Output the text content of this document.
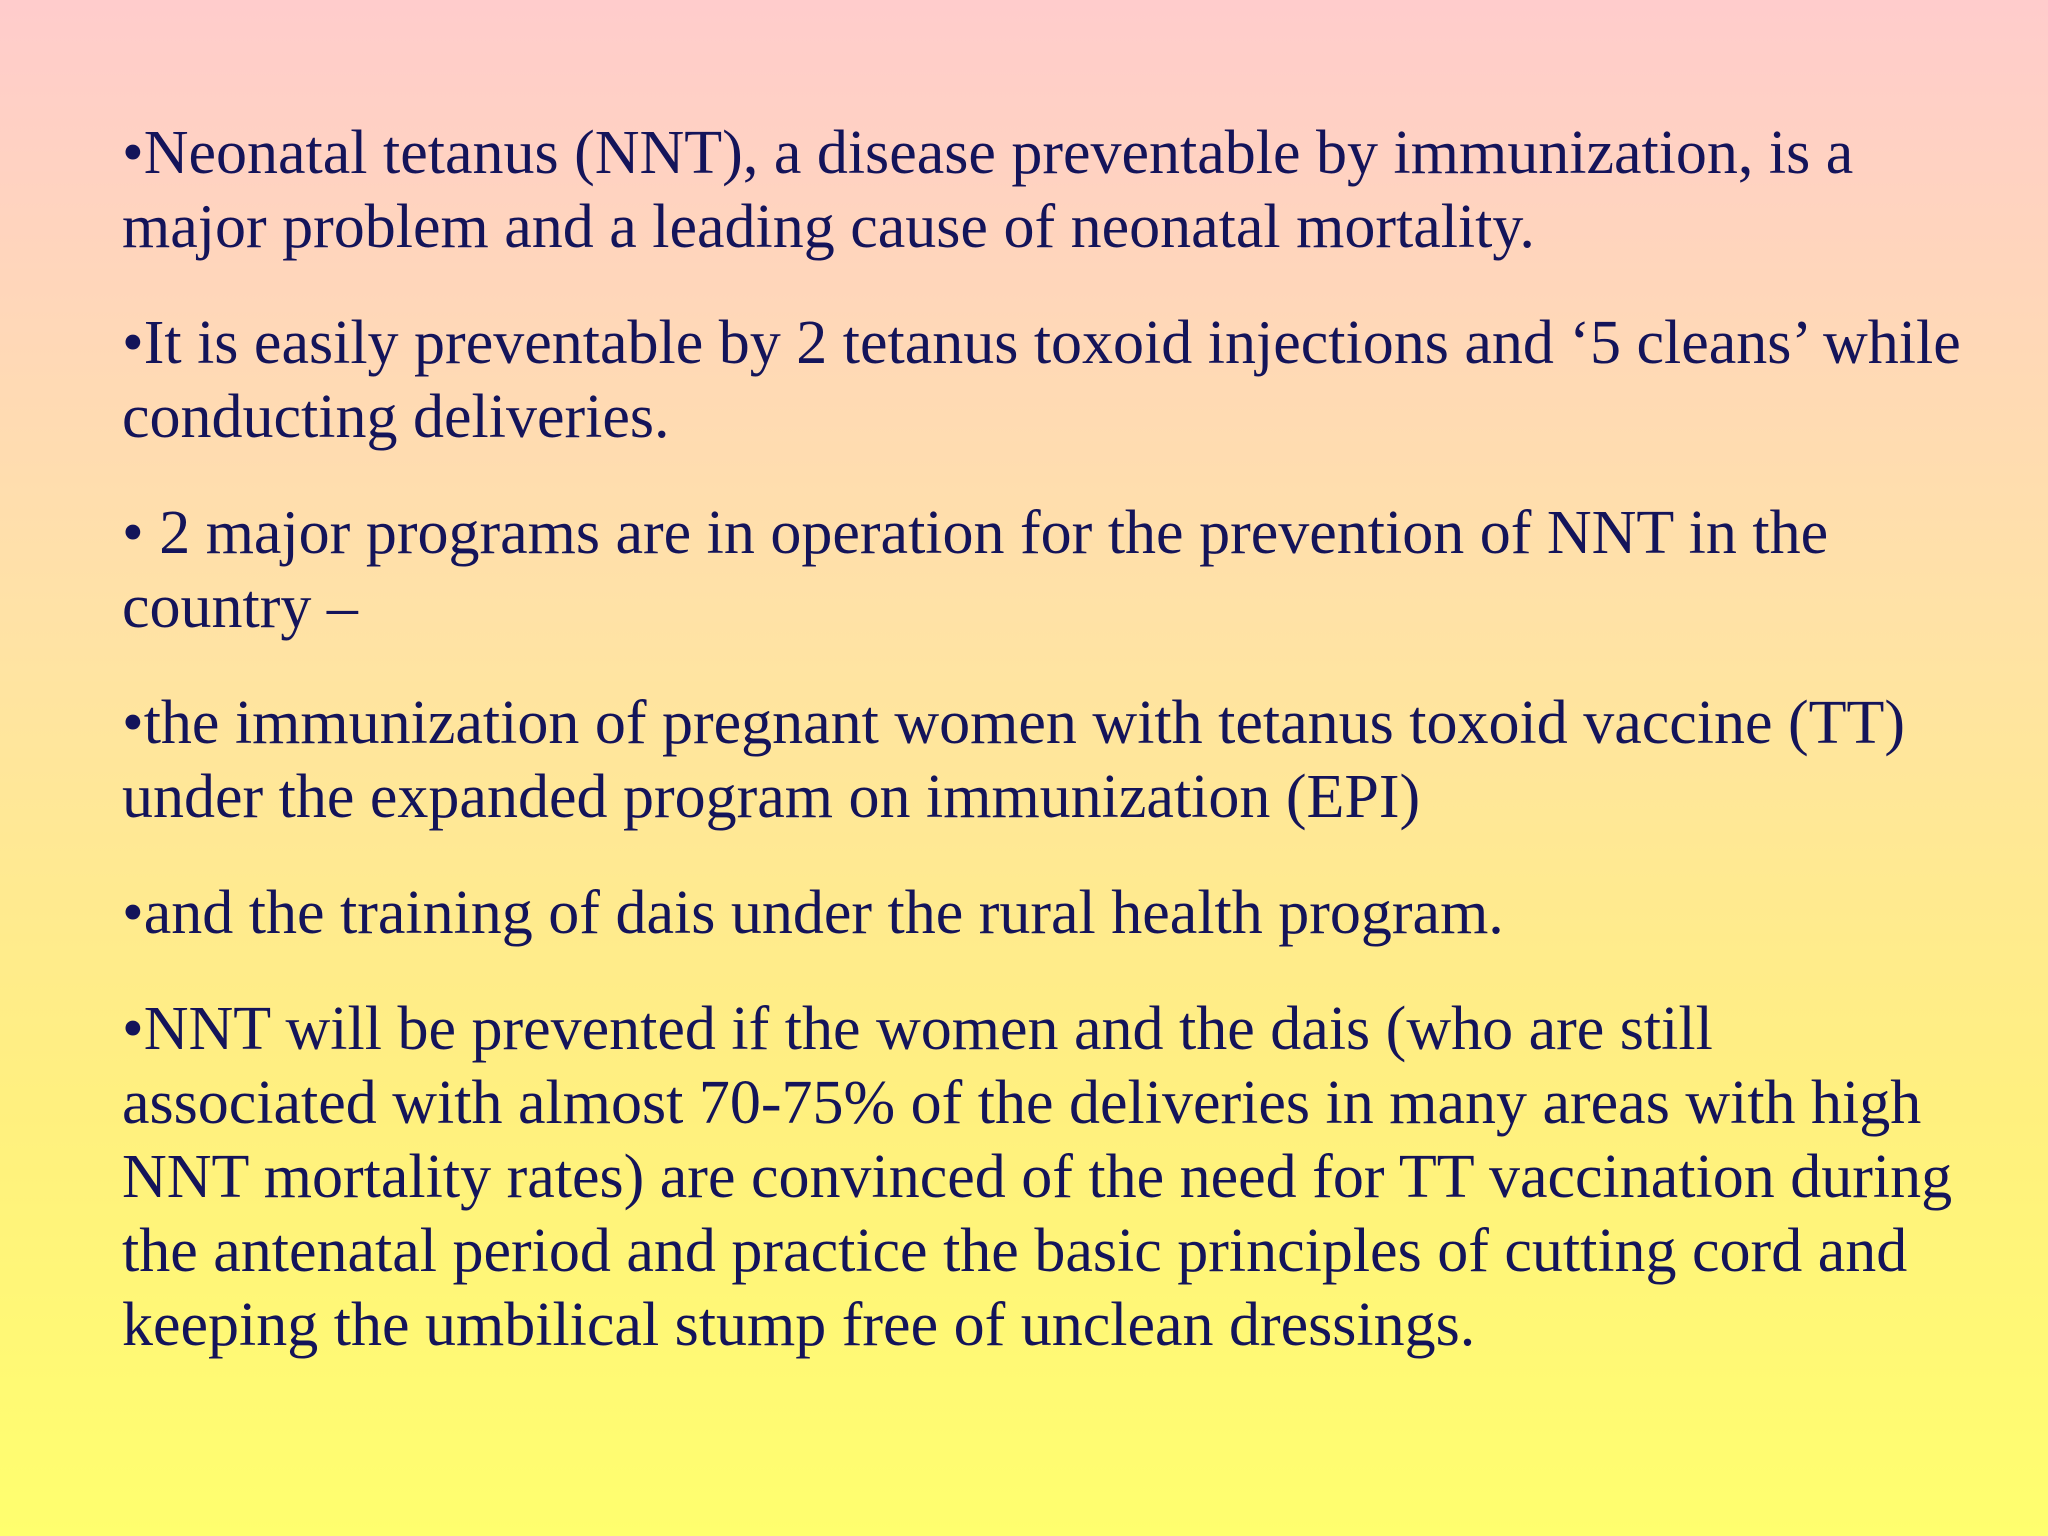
•Neonatal tetanus (NNT), a disease preventable by immunization, is a major problem and a leading cause of neonatal mortality.

•It is easily preventable by 2 tetanus toxoid injections and ‘5 cleans’ while conducting deliveries.

• 2 major programs are in operation for the prevention of NNT in the country –

•the immunization of pregnant women with tetanus toxoid vaccine (TT) under the expanded program on immunization (EPI)

•and the training of dais under the rural health program.

•NNT will be prevented if the women and the dais (who are still associated with almost 70-75% of the deliveries in many areas with high NNT mortality rates) are convinced of the need for TT vaccination during the antenatal period and practice the basic principles of cutting cord and keeping the umbilical stump free of unclean dressings.
